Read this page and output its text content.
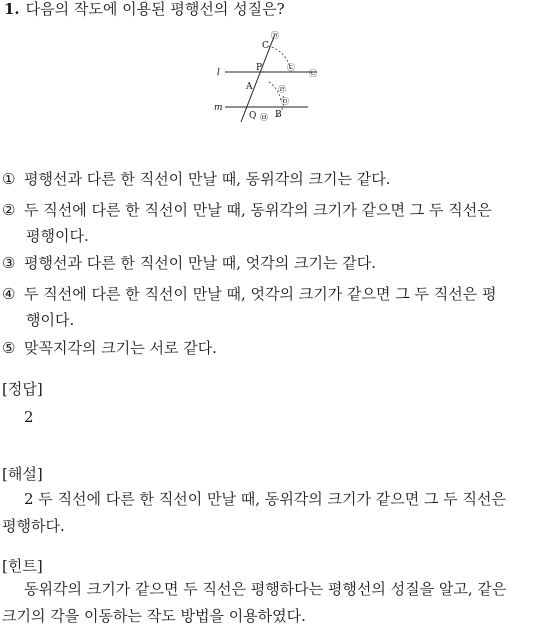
1. 다음의 작도에 이용된 평행선의 성질은?
l
m
C
P
A
Q B
㉠
㉡
㉢
㉣
㉤
㉥
① 평행선과 다른 한 직선이 만날 때, 동위각의 크기는 같다.
② 두 직선에 다른 한 직선이 만날 때, 동위각의 크기가 같으면 그 두 직선은
평행이다.
③ 평행선과 다른 한 직선이 만날 때, 엇각의 크기는 같다.
④ 두 직선에 다른 한 직선이 만날 때, 엇각의 크기가 같으면 그 두 직선은 평
행이다.
⑤ 맞꼭지각의 크기는 서로 같다.
[정답]
2
[해설]
2 두 직선에 다른 한 직선이 만날 때, 동위각의 크기가 같으면 그 두 직선은
평행하다.
[힌트]
동위각의 크기가 같으면 두 직선은 평행하다는 평행선의 성질을 알고, 같은
크기의 각을 이동하는 작도 방법을 이용하였다.
